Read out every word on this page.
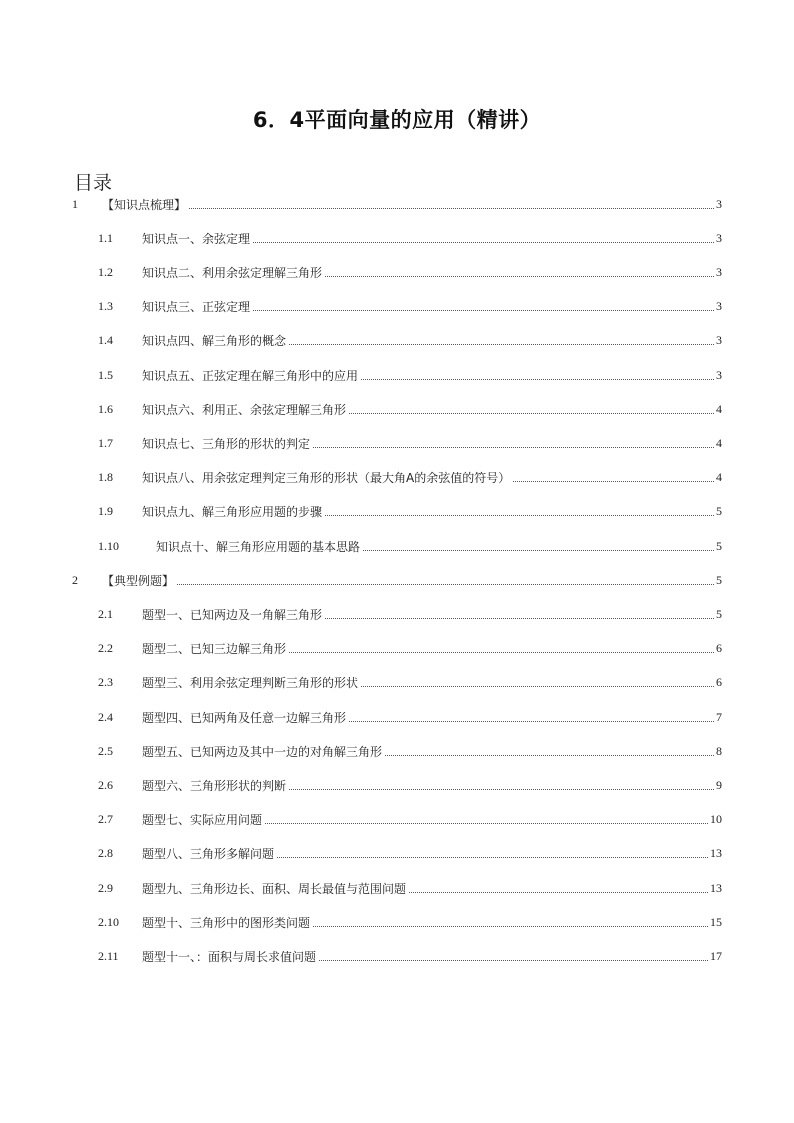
6．4平面向量的应用（精讲）
目录
1	【知识点梳理】	3
1.1	知识点一、余弦定理	3
1.2	知识点二、利用余弦定理解三角形	3
1.3	知识点三、正弦定理	3
1.4	知识点四、解三角形的概念	3
1.5	知识点五、正弦定理在解三角形中的应用	3
1.6	知识点六、利用正、余弦定理解三角形	4
1.7	知识点七、三角形的形状的判定	4
1.8	知识点八、用余弦定理判定三角形的形状（最大角A的余弦值的符号）	4
1.9	知识点九、解三角形应用题的步骤	5
1.10	知识点十、解三角形应用题的基本思路	5
2	【典型例题】	5
2.1	题型一、已知两边及一角解三角形	5
2.2	题型二、已知三边解三角形	6
2.3	题型三、利用余弦定理判断三角形的形状	6
2.4	题型四、已知两角及任意一边解三角形	7
2.5	题型五、已知两边及其中一边的对角解三角形	8
2.6	题型六、三角形形状的判断	9
2.7	题型七、实际应用问题	10
2.8	题型八、三角形多解问题	13
2.9	题型九、三角形边长、面积、周长最值与范围问题	13
2.10	题型十、三角形中的图形类问题	15
2.11	题型十一、：面积与周长求值问题	17
